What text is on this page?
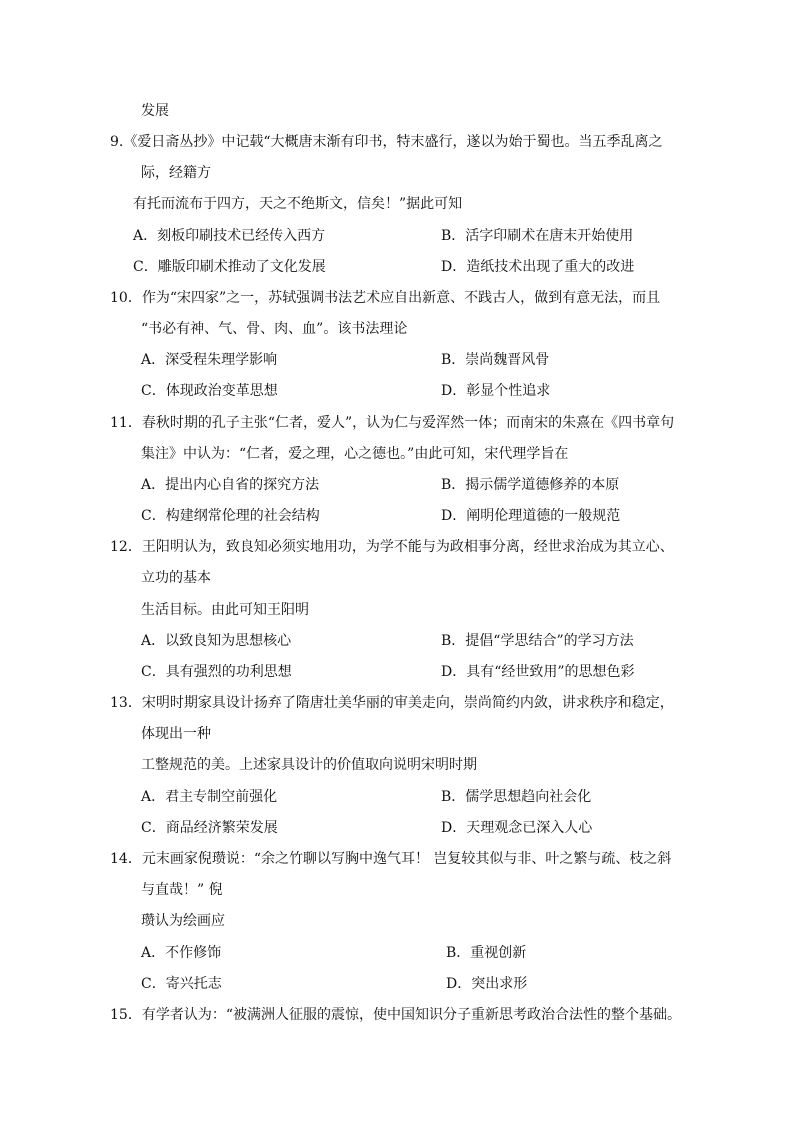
发展
9.《爱日斋丛抄》中记载“大概唐末渐有印书，特末盛行，遂以为始于蜀也。当五季乱离之
际，经籍方
有托而流布于四方，天之不绝斯文，信矣！”据此可知
A．刻板印刷技术已经传入西方	B．活字印刷术在唐末开始使用
C．雕版印刷术推动了文化发展	D．造纸技术出现了重大的改进
10．作为“宋四家”之一，苏轼强调书法艺术应自出新意、不践古人，做到有意无法，而且
“书必有神、气、骨、肉、血”。该书法理论
A．深受程朱理学影响	B．崇尚魏晋风骨
C．体现政治变革思想	D．彰显个性追求
11．春秋时期的孔子主张“仁者，爱人”，认为仁与爱浑然一体；而南宋的朱熹在《四书章句
集注》中认为：“仁者，爱之理，心之德也。”由此可知，宋代理学旨在
A．提出内心自省的探究方法	B．揭示儒学道德修养的本原
C．构建纲常伦理的社会结构	D．阐明伦理道德的一般规范
12．王阳明认为，致良知必须实地用功，为学不能与为政相事分离，经世求治成为其立心、
立功的基本
生活目标。由此可知王阳明
A．以致良知为思想核心	B．提倡“学思结合”的学习方法
C．具有强烈的功利思想	D．具有“经世致用”的思想色彩
13．宋明时期家具设计扬弃了隋唐壮美华丽的审美走向，崇尚简约内敛，讲求秩序和稳定，
体现出一种
工整规范的美。上述家具设计的价值取向说明宋明时期
A．君主专制空前强化	B．儒学思想趋向社会化
C．商品经济繁荣发展	D．天理观念已深入人心
14．元末画家倪瓒说：“余之竹聊以写胸中逸气耳！ 岂复较其似与非、叶之繁与疏、枝之斜
与直哉！” 倪
瓒认为绘画应
A．不作修饰	B．重视创新
C．寄兴托志	D．突出求形
15．有学者认为：“被满洲人征服的震惊，使中国知识分子重新思考政治合法性的整个基础。
